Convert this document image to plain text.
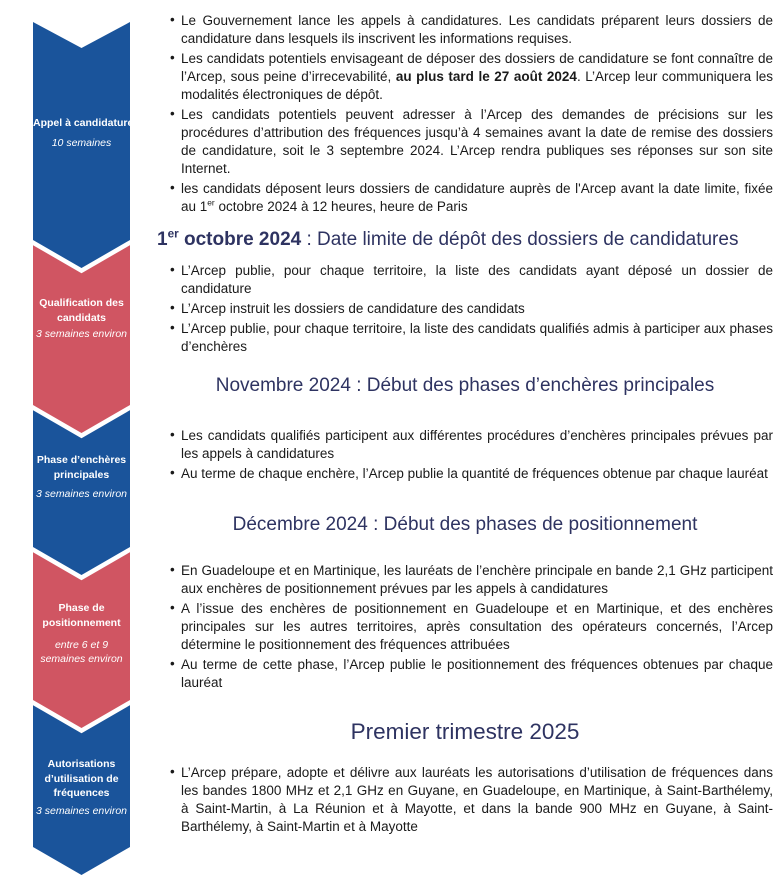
Appel à candidature
10 semaines
Qualification des
candidats
3 semaines environ
Phase d’enchères
principales
3 semaines environ
Phase de
positionnement
entre 6 et 9
semaines environ
Autorisations
d’utilisation de
fréquences
3 semaines environ
• Le Gouvernement lance les appels à candidatures. Les candidats préparent leurs dossiers de candidature dans lesquels ils inscrivent les informations requises.
• Les candidats potentiels envisageant de déposer des dossiers de candidature se font connaître de l’Arcep, sous peine d’irrecevabilité, au plus tard le 27 août 2024. L’Arcep leur communiquera les modalités électroniques de dépôt.
• Les candidats potentiels peuvent adresser à l’Arcep des demandes de précisions sur les procédures d’attribution des fréquences jusqu’à 4 semaines avant la date de remise des dossiers de candidature, soit le 3 septembre 2024. L’Arcep rendra publiques ses réponses sur son site Internet.
• les candidats déposent leurs dossiers de candidature auprès de l'Arcep avant la date limite, fixée au 1er octobre 2024 à 12 heures, heure de Paris
1er octobre 2024 : Date limite de dépôt des dossiers de candidatures
• L’Arcep publie, pour chaque territoire, la liste des candidats ayant déposé un dossier de candidature
• L’Arcep instruit les dossiers de candidature des candidats
• L’Arcep publie, pour chaque territoire, la liste des candidats qualifiés admis à participer aux phases d’enchères
Novembre 2024 : Début des phases d’enchères principales
• Les candidats qualifiés participent aux différentes procédures d’enchères principales prévues par les appels à candidatures
• Au terme de chaque enchère, l’Arcep publie la quantité de fréquences obtenue par chaque lauréat
Décembre 2024 : Début des phases de positionnement
• En Guadeloupe et en Martinique, les lauréats de l’enchère principale en bande 2,1 GHz participent aux enchères de positionnement prévues par les appels à candidatures
• A l’issue des enchères de positionnement en Guadeloupe et en Martinique, et des enchères principales sur les autres territoires, après consultation des opérateurs concernés, l’Arcep détermine le positionnement des fréquences attribuées
• Au terme de cette phase, l’Arcep publie le positionnement des fréquences obtenues par chaque lauréat
Premier trimestre 2025
• L’Arcep prépare, adopte et délivre aux lauréats les autorisations d’utilisation de fréquences dans les bandes 1800 MHz et 2,1 GHz en Guyane, en Guadeloupe, en Martinique, à Saint-Barthélemy, à Saint-Martin, à La Réunion et à Mayotte, et dans la bande 900 MHz en Guyane, à Saint-Barthélemy, à Saint-Martin et à Mayotte
